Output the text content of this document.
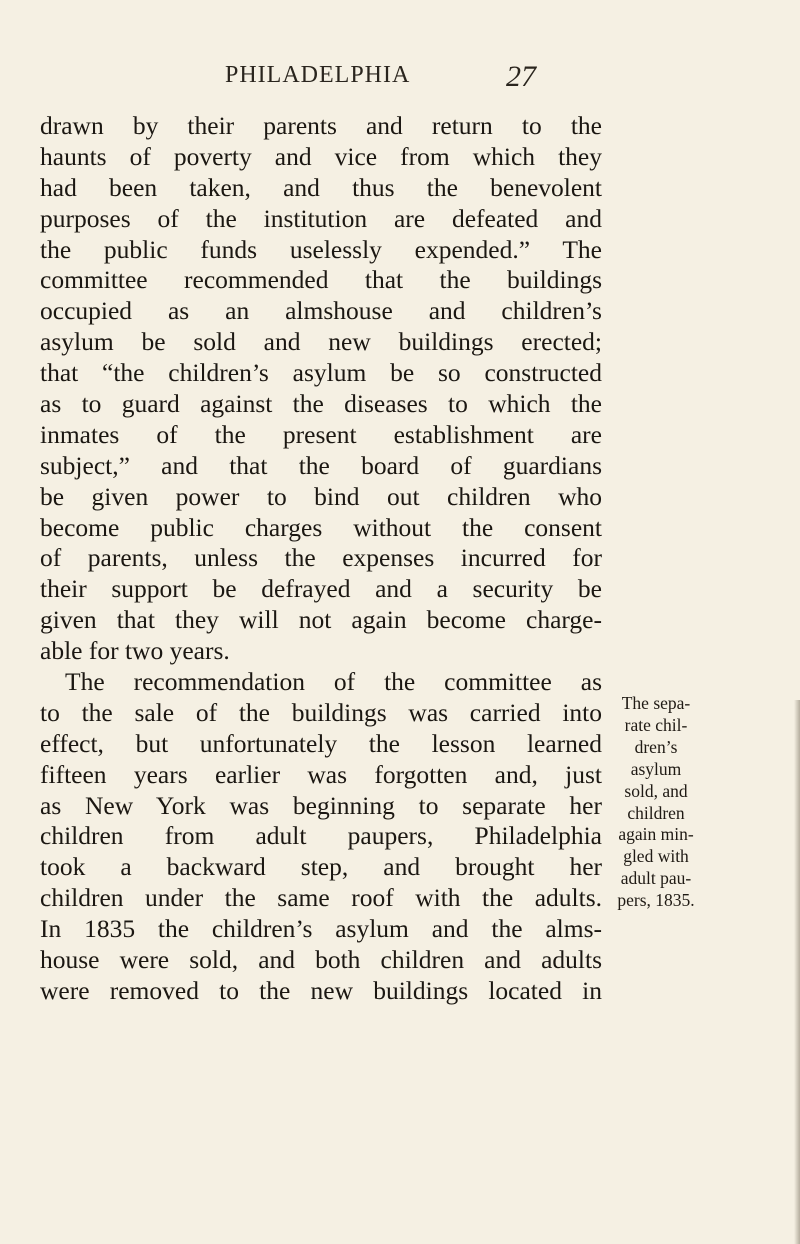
PHILADELPHIA	27
drawn by their parents and return to the
haunts of poverty and vice from which they
had been taken, and thus the benevolent
purposes of the institution are defeated and
the public funds uselessly expended.” The
committee recommended that the buildings
occupied as an almshouse and children’s
asylum be sold and new buildings erected;
that “the children’s asylum be so constructed
as to guard against the diseases to which the
inmates of the present establishment are
subject,” and that the board of guardians
be given power to bind out children who
become public charges without the consent
of parents, unless the expenses incurred for
their support be defrayed and a security be
given that they will not again become charge-
able for two years.
The recommendation of the committee as
to the sale of the buildings was carried into
effect, but unfortunately the lesson learned
fifteen years earlier was forgotten and, just
as New York was beginning to separate her
children from adult paupers, Philadelphia
took a backward step, and brought her
children under the same roof with the adults.
In 1835 the children’s asylum and the alms-
house were sold, and both children and adults
were removed to the new buildings located in
The sepa-
rate chil-
dren’s
asylum
sold, and
children
again min-
gled with
adult pau-
pers, 1835.
